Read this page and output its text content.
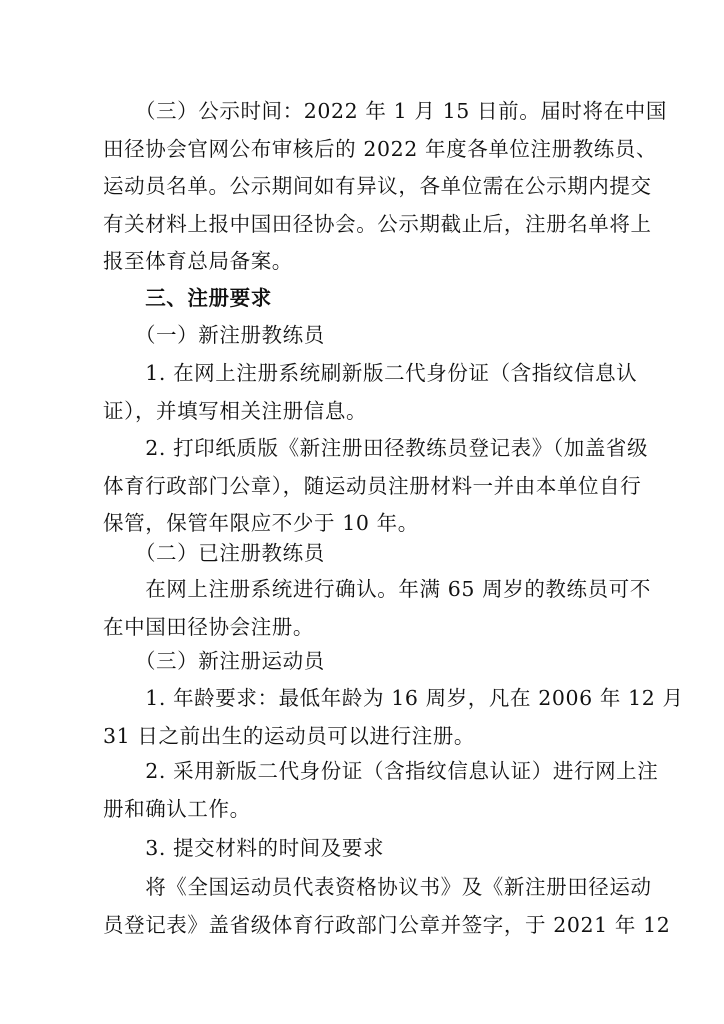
　　（三）公示时间：2022 年 1 月 15 日前。届时将在中国
田径协会官网公布审核后的 2022 年度各单位注册教练员、
运动员名单。公示期间如有异议，各单位需在公示期内提交
有关材料上报中国田径协会。公示期截止后，注册名单将上
报至体育总局备案。

　　三、注册要求

　　（一）新注册教练员

　　1. 在网上注册系统刷新版二代身份证（含指纹信息认
证），并填写相关注册信息。

　　2. 打印纸质版《新注册田径教练员登记表》（加盖省级
体育行政部门公章），随运动员注册材料一并由本单位自行
保管，保管年限应不少于 10 年。

　　（二）已注册教练员

　　在网上注册系统进行确认。年满 65 周岁的教练员可不
在中国田径协会注册。

　　（三）新注册运动员

　　1. 年龄要求：最低年龄为 16 周岁，凡在 2006 年 12 月
31 日之前出生的运动员可以进行注册。

　　2. 采用新版二代身份证（含指纹信息认证）进行网上注
册和确认工作。

　　3. 提交材料的时间及要求

　　将《全国运动员代表资格协议书》及《新注册田径运动
员登记表》盖省级体育行政部门公章并签字，于 2021 年 12
